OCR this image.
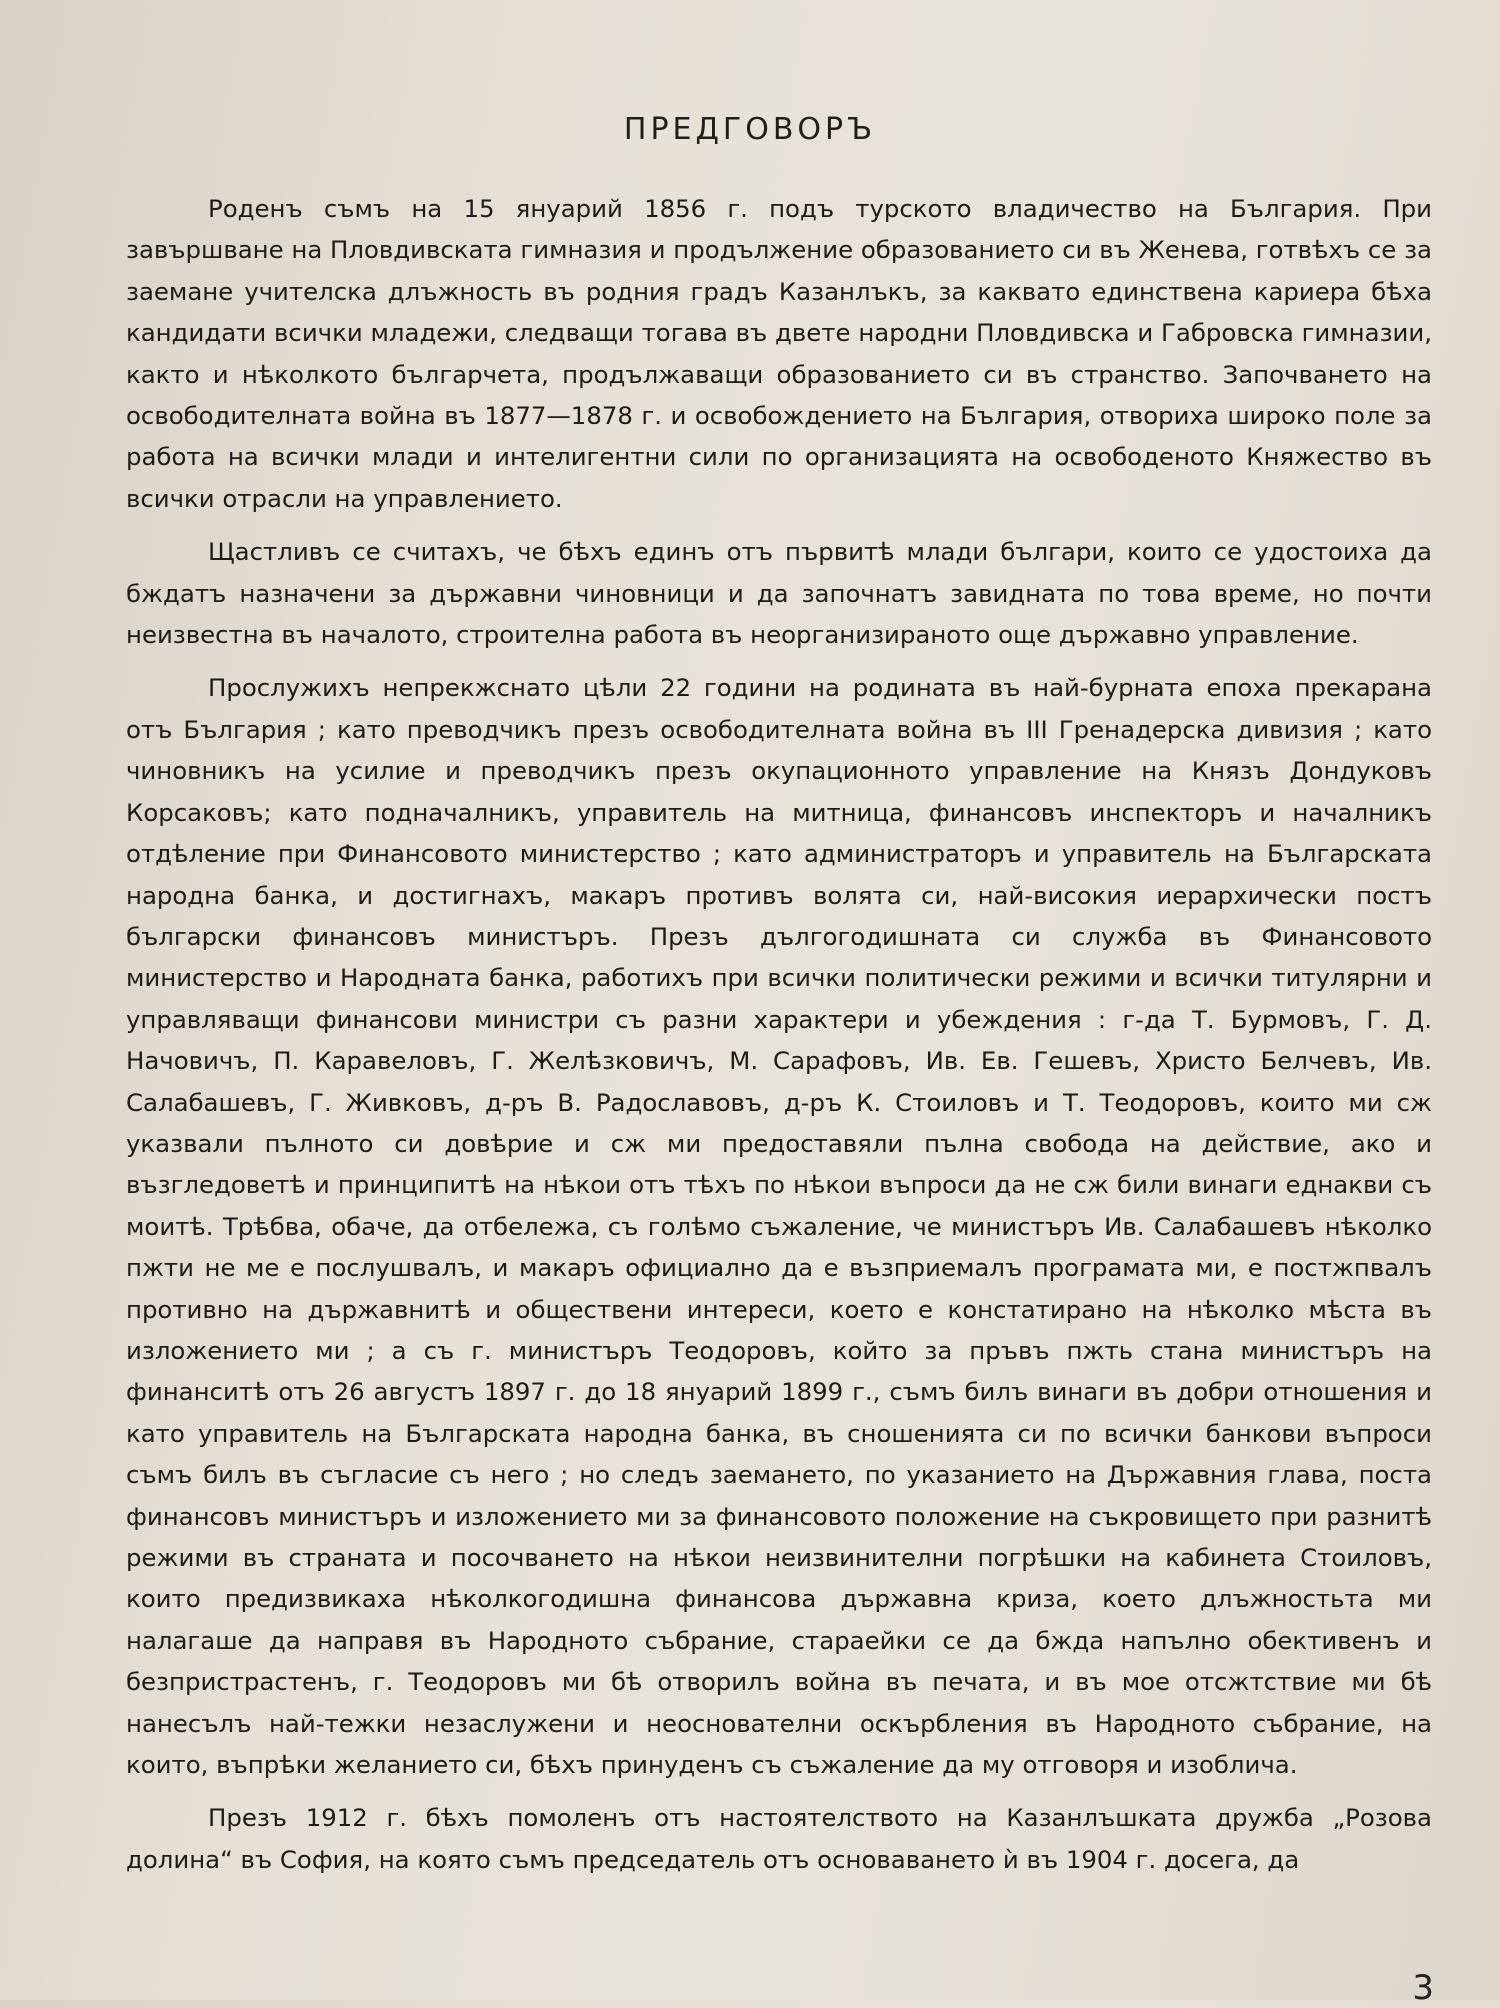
ПРЕДГОВОРЪ

Роденъ съмъ на 15 януарий 1856 г. подъ турското владичество на България. При завършване на Пловдивската гимназия и продължение образованието си въ Женева, готвѣхъ се за заемане учителска длъжность въ родния градъ Казанлъкъ, за каквато единствена кариера бѣха кандидати всички младежи, следващи тогава въ двете народни Пловдивска и Габровска гимназии, както и нѣколкото българчета, продължаващи образованието си въ странство. Започването на освободителната война въ 1877—1878 г. и освобождението на България, отвориха широко поле за работа на всички млади и интелигентни сили по организацията на освободеното Княжество въ всички отрасли на управлението.

Щастливъ се считахъ, че бѣхъ единъ отъ първитѣ млади българи, които се удостоиха да бждатъ назначени за държавни чиновници и да започнатъ завидната по това време, но почти неизвестна въ началото, строителна работа въ неорганизираното още държавно управление.

Прослужихъ непрекжснато цѣли 22 години на родината въ най-бурната епоха прекарана отъ България ; като преводчикъ презъ освободителната война въ III Гренадерска дивизия ; като чиновникъ на усилие и преводчикъ презъ окупационното управление на Князъ Дондуковъ Корсаковъ; като подначалникъ, управитель на митница, финансовъ инспекторъ и началникъ отдѣление при Финансовото министерство ; като администраторъ и управитель на Българската народна банка, и достигнахъ, макаръ противъ волята си, най-високия иерархически постъ български финансовъ министъръ. Презъ дългогодишната си служба въ Финансовото министерство и Народната банка, работихъ при всички политически режими и всички титулярни и управляващи финансови министри съ разни характери и убеждения : г-да Т. Бурмовъ, Г. Д. Начовичъ, П. Каравеловъ, Г. Желѣзковичъ, М. Сарафовъ, Ив. Ев. Гешевъ, Христо Белчевъ, Ив. Салабашевъ, Г. Живковъ, д-ръ В. Радославовъ, д-ръ К. Стоиловъ и Т. Теодоровъ, които ми сж указвали пълното си довѣрие и сж ми предоставяли пълна свобода на действие, ако и възгледоветѣ и принципитѣ на нѣкои отъ тѣхъ по нѣкои въпроси да не сж били винаги еднакви съ моитѣ. Трѣбва, обаче, да отбележа, съ голѣмо съжаление, че министъръ Ив. Салабашевъ нѣколко пжти не ме е послушвалъ, и макаръ официално да е възприемалъ програмата ми, е постжпвалъ противно на държавнитѣ и обществени интереси, което е констатирано на нѣколко мѣста въ изложението ми ; а съ г. министъръ Теодоровъ, който за пръвъ пжть стана министъръ на финанситѣ отъ 26 августъ 1897 г. до 18 януарий 1899 г., съмъ билъ винаги въ добри отношения и като управитель на Българската народна банка, въ сношенията си по всички банкови въпроси съмъ билъ въ съгласие съ него ; но следъ заемането, по указанието на Държавния глава, поста финансовъ министъръ и изложението ми за финансовото положение на съкровището при разнитѣ режими въ страната и посочването на нѣкои неизвинителни погрѣшки на кабинета Стоиловъ, които предизвикаха нѣколкогодишна финансова държавна криза, което длъжностьта ми налагаше да направя въ Народното събрание, стараейки се да бжда напълно обективенъ и безпристрастенъ, г. Теодоровъ ми бѣ отворилъ война въ печата, и въ мое отсжтствие ми бѣ нанесълъ най-тежки незаслужени и неоснователни оскърбления въ Народното събрание, на които, въпрѣки желанието си, бѣхъ принуденъ съ съжаление да му отговоря и изоблича.

Презъ 1912 г. бѣхъ помоленъ отъ настоятелството на Казанлъшката дружба „Розова долина“ въ София, на която съмъ председатель отъ основаването ѝ въ 1904 г. досега, да

3
